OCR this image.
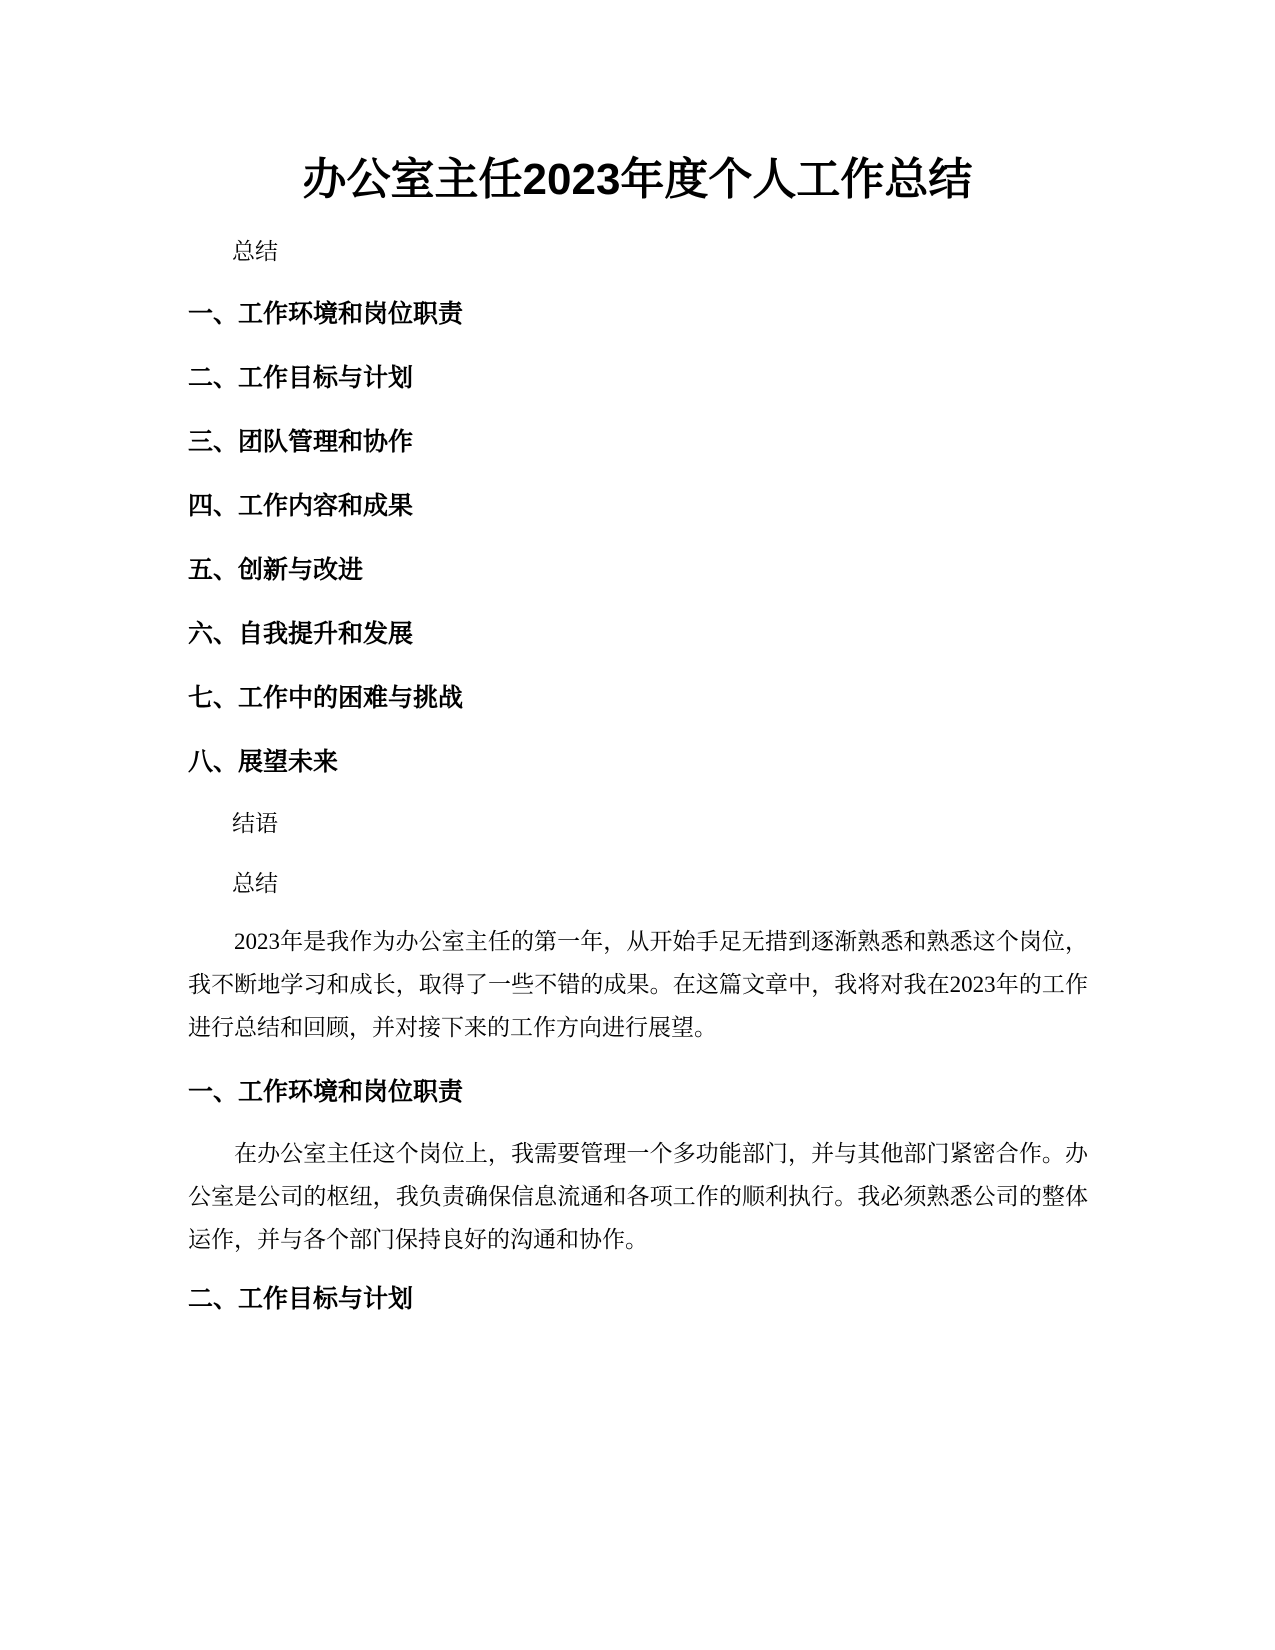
办公室主任2023年度个人工作总结

总结

一、工作环境和岗位职责
二、工作目标与计划
三、团队管理和协作
四、工作内容和成果
五、创新与改进
六、自我提升和发展
七、工作中的困难与挑战
八、展望未来

结语

总结

2023年是我作为办公室主任的第一年，从开始手足无措到逐渐熟悉和熟悉这个岗位，我不断地学习和成长，取得了一些不错的成果。在这篇文章中，我将对我在2023年的工作进行总结和回顾，并对接下来的工作方向进行展望。

一、工作环境和岗位职责

在办公室主任这个岗位上，我需要管理一个多功能部门，并与其他部门紧密合作。办公室是公司的枢纽，我负责确保信息流通和各项工作的顺利执行。我必须熟悉公司的整体运作，并与各个部门保持良好的沟通和协作。

二、工作目标与计划
